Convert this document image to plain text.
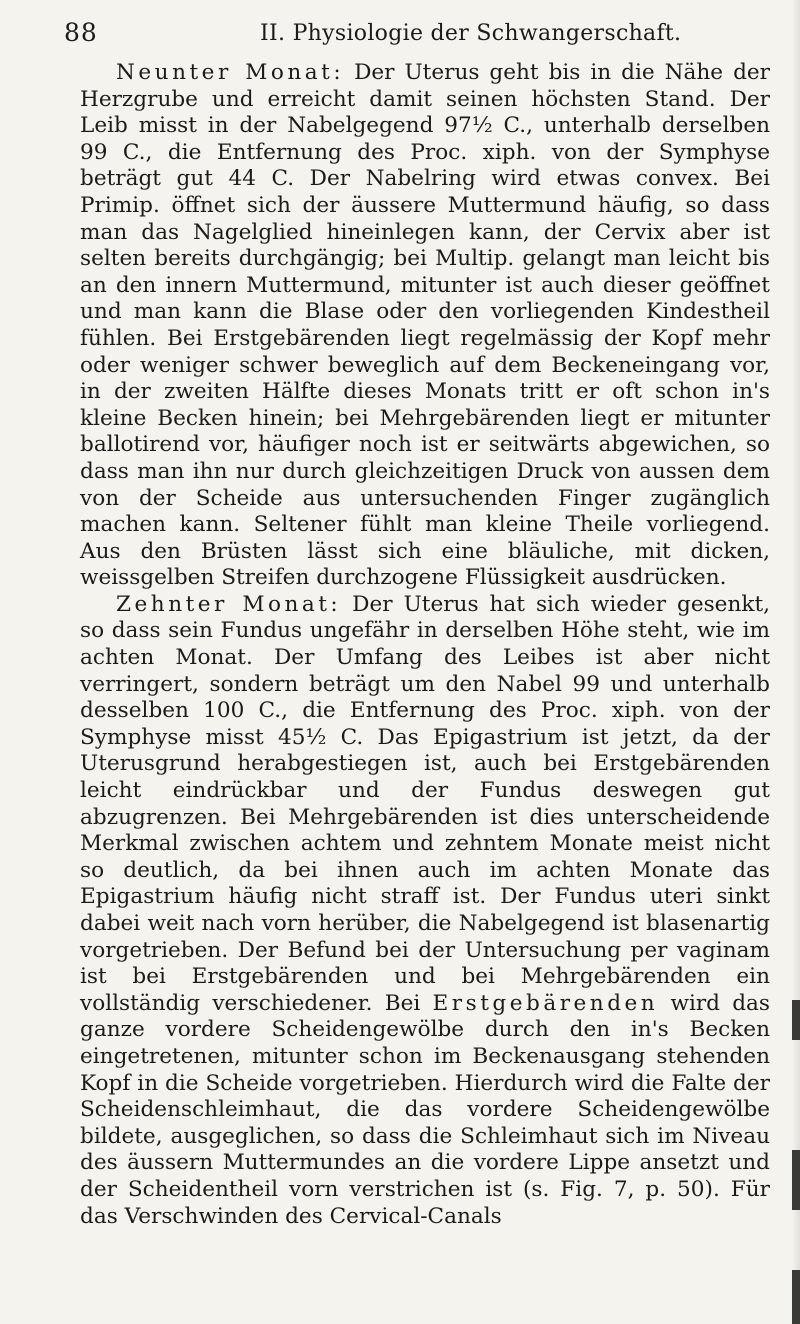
88	II. Physiologie der Schwangerschaft.

Neunter Monat: Der Uterus geht bis in die Nähe der Herzgrube und erreicht damit seinen höchsten Stand. Der Leib misst in der Nabelgegend 97½ C., unterhalb derselben 99 C., die Entfernung des Proc. xiph. von der Symphyse beträgt gut 44 C. Der Nabelring wird etwas convex. Bei Primip. öffnet sich der äussere Muttermund häufig, so dass man das Nagelglied hineinlegen kann, der Cervix aber ist selten bereits durchgängig; bei Multip. gelangt man leicht bis an den innern Muttermund, mitunter ist auch dieser geöffnet und man kann die Blase oder den vorliegenden Kindestheil fühlen. Bei Erstgebärenden liegt regelmässig der Kopf mehr oder weniger schwer beweglich auf dem Beckeneingang vor, in der zweiten Hälfte dieses Monats tritt er oft schon in's kleine Becken hinein; bei Mehrgebärenden liegt er mitunter ballotirend vor, häufiger noch ist er seitwärts abgewichen, so dass man ihn nur durch gleichzeitigen Druck von aussen dem von der Scheide aus untersuchenden Finger zugänglich machen kann. Seltener fühlt man kleine Theile vorliegend. Aus den Brüsten lässt sich eine bläuliche, mit dicken, weissgelben Streifen durchzogene Flüssigkeit ausdrücken.

Zehnter Monat: Der Uterus hat sich wieder gesenkt, so dass sein Fundus ungefähr in derselben Höhe steht, wie im achten Monat. Der Umfang des Leibes ist aber nicht verringert, sondern beträgt um den Nabel 99 und unterhalb desselben 100 C., die Entfernung des Proc. xiph. von der Symphyse misst 45½ C. Das Epigastrium ist jetzt, da der Uterusgrund herabgestiegen ist, auch bei Erstgebärenden leicht eindrückbar und der Fundus deswegen gut abzugrenzen. Bei Mehrgebärenden ist dies unterscheidende Merkmal zwischen achtem und zehntem Monate meist nicht so deutlich, da bei ihnen auch im achten Monate das Epigastrium häufig nicht straff ist. Der Fundus uteri sinkt dabei weit nach vorn herüber, die Nabelgegend ist blasenartig vorgetrieben. Der Befund bei der Untersuchung per vaginam ist bei Erstgebärenden und bei Mehrgebärenden ein vollständig verschiedener. Bei Erstgebärenden wird das ganze vordere Scheidengewölbe durch den in's Becken eingetretenen, mitunter schon im Beckenausgang stehenden Kopf in die Scheide vorgetrieben. Hierdurch wird die Falte der Scheidenschleimhaut, die das vordere Scheidengewölbe bildete, ausgeglichen, so dass die Schleimhaut sich im Niveau des äussern Muttermundes an die vordere Lippe ansetzt und der Scheidentheil vorn verstrichen ist (s. Fig. 7, p. 50). Für das Verschwinden des Cervical-Canals
